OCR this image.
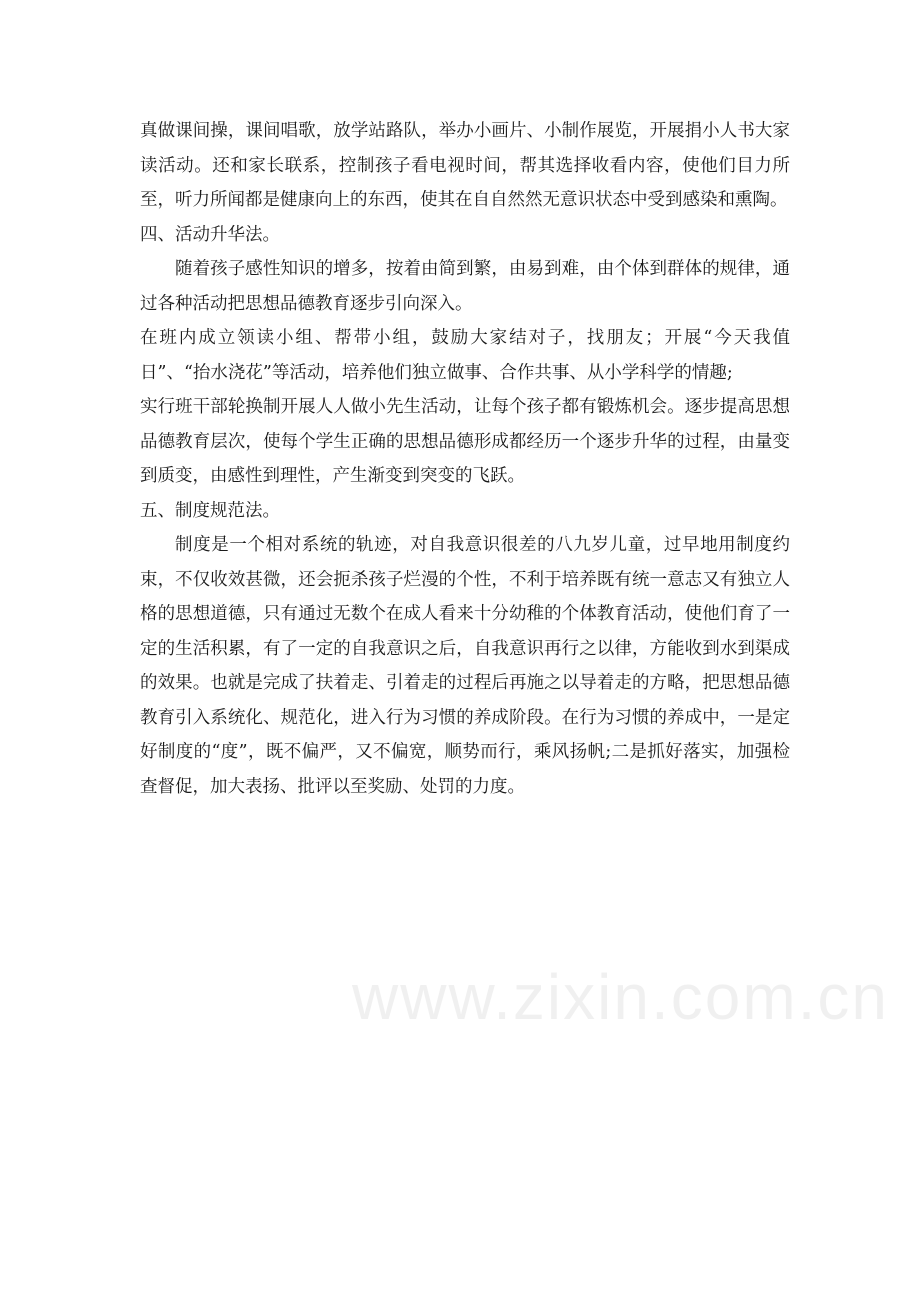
真做课间操，课间唱歌，放学站路队，举办小画片、小制作展览，开展捐小人书大家读活动。还和家长联系，控制孩子看电视时间，帮其选择收看内容，使他们目力所至，听力所闻都是健康向上的东西，使其在自自然然无意识状态中受到感染和熏陶。

四、活动升华法。

随着孩子感性知识的增多，按着由简到繁，由易到难，由个体到群体的规律，通过各种活动把思想品德教育逐步引向深入。

在班内成立领读小组、帮带小组，鼓励大家结对子，找朋友；开展“今天我值日”、“抬水浇花”等活动，培养他们独立做事、合作共事、从小学科学的情趣;

实行班干部轮换制开展人人做小先生活动，让每个孩子都有锻炼机会。逐步提高思想品德教育层次，使每个学生正确的思想品德形成都经历一个逐步升华的过程，由量变到质变，由感性到理性，产生渐变到突变的飞跃。

五、制度规范法。

制度是一个相对系统的轨迹，对自我意识很差的八九岁儿童，过早地用制度约束，不仅收效甚微，还会扼杀孩子烂漫的个性，不利于培养既有统一意志又有独立人格的思想道德，只有通过无数个在成人看来十分幼稚的个体教育活动，使他们育了一定的生活积累，有了一定的自我意识之后，自我意识再行之以律，方能收到水到渠成的效果。也就是完成了扶着走、引着走的过程后再施之以导着走的方略，把思想品德教育引入系统化、规范化，进入行为习惯的养成阶段。在行为习惯的养成中，一是定好制度的“度”，既不偏严，又不偏宽，顺势而行，乘风扬帆;二是抓好落实，加强检查督促，加大表扬、批评以至奖励、处罚的力度。

www.zixin.com.cn
